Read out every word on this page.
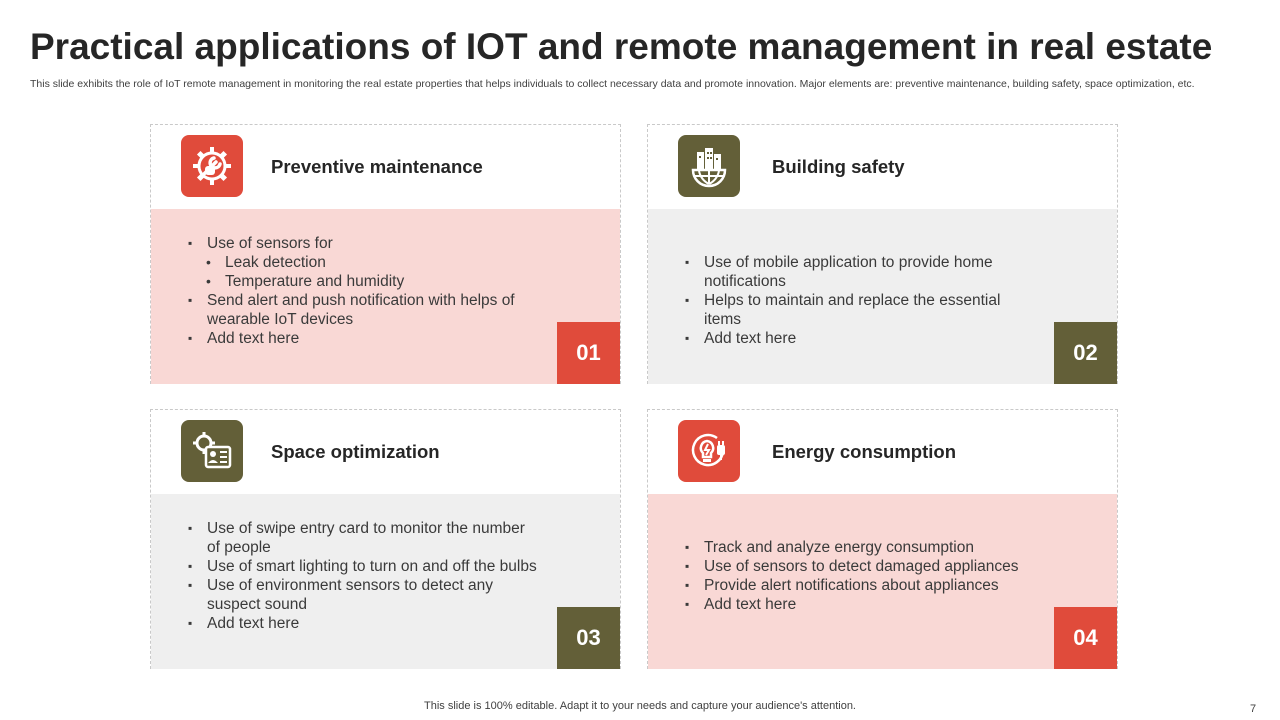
Practical applications of IOT and remote management in real estate
This slide exhibits the role of IoT remote management in monitoring the real estate properties that helps individuals to collect necessary data and promote innovation. Major elements are: preventive maintenance, building safety, space optimization, etc.
Preventive maintenance
▪ Use of sensors for
• Leak detection
• Temperature and humidity
▪ Send alert and push notification with helps of wearable IoT devices
▪ Add text here
01
Building safety
▪ Use of mobile application to provide home notifications
▪ Helps to maintain and replace the essential items
▪ Add text here
02
Space optimization
▪ Use of swipe entry card to monitor the number of people
▪ Use of smart lighting to turn on and off the bulbs
▪ Use of environment sensors to detect any suspect sound
▪ Add text here
03
Energy consumption
▪ Track and analyze energy consumption
▪ Use of sensors to detect damaged appliances
▪ Provide alert notifications about appliances
▪ Add text here
04
This slide is 100% editable. Adapt it to your needs and capture your audience's attention.	7
